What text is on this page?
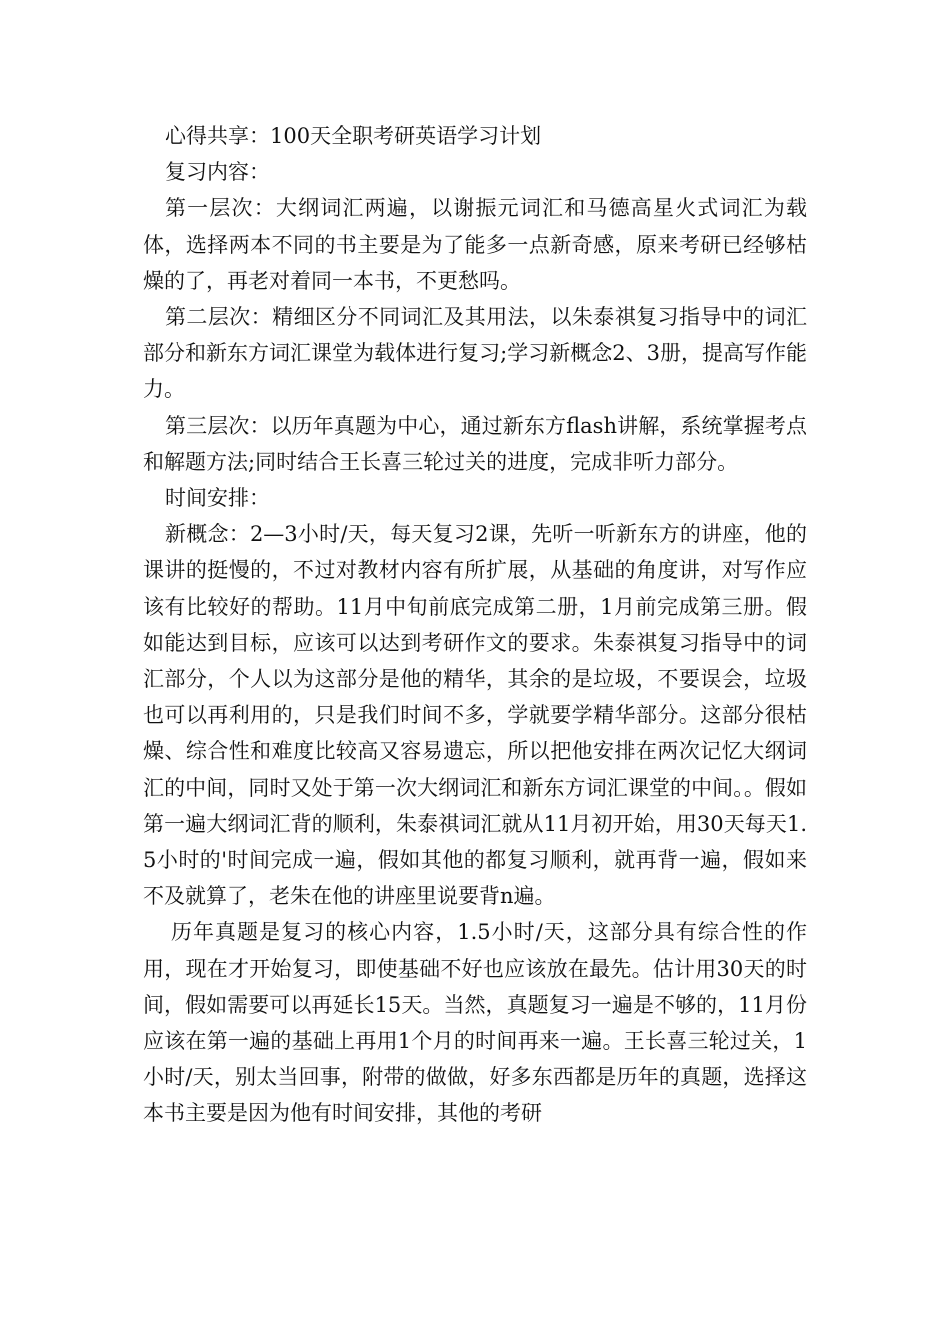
心得共享：100天全职考研英语学习计划

复习内容：

第一层次：大纲词汇两遍，以谢振元词汇和马德高星火式词汇为载体，选择两本不同的书主要是为了能多一点新奇感，原来考研已经够枯燥的了，再老对着同一本书，不更愁吗。

第二层次：精细区分不同词汇及其用法，以朱泰祺复习指导中的词汇部分和新东方词汇课堂为载体进行复习;学习新概念2、3册，提高写作能力。

第三层次：以历年真题为中心，通过新东方flash讲解，系统掌握考点和解题方法;同时结合王长喜三轮过关的进度，完成非听力部分。

时间安排：

新概念：2—3小时/天，每天复习2课，先听一听新东方的讲座，他的课讲的挺慢的，不过对教材内容有所扩展，从基础的角度讲，对写作应该有比较好的帮助。11月中旬前底完成第二册，1月前完成第三册。假如能达到目标，应该可以达到考研作文的要求。朱泰祺复习指导中的词汇部分，个人以为这部分是他的精华，其余的是垃圾，不要误会，垃圾也可以再利用的，只是我们时间不多，学就要学精华部分。这部分很枯燥、综合性和难度比较高又容易遗忘，所以把他安排在两次记忆大纲词汇的中间，同时又处于第一次大纲词汇和新东方词汇课堂的中间。。假如第一遍大纲词汇背的顺利，朱泰祺词汇就从11月初开始，用30天每天1.5小时的'时间完成一遍，假如其他的都复习顺利，就再背一遍，假如来不及就算了，老朱在他的讲座里说要背n遍。

历年真题是复习的核心内容，1.5小时/天，这部分具有综合性的作用，现在才开始复习，即使基础不好也应该放在最先。估计用30天的时间，假如需要可以再延长15天。当然，真题复习一遍是不够的，11月份应该在第一遍的基础上再用1个月的时间再来一遍。王长喜三轮过关，1小时/天，别太当回事，附带的做做，好多东西都是历年的真题，选择这本书主要是因为他有时间安排，其他的考研
